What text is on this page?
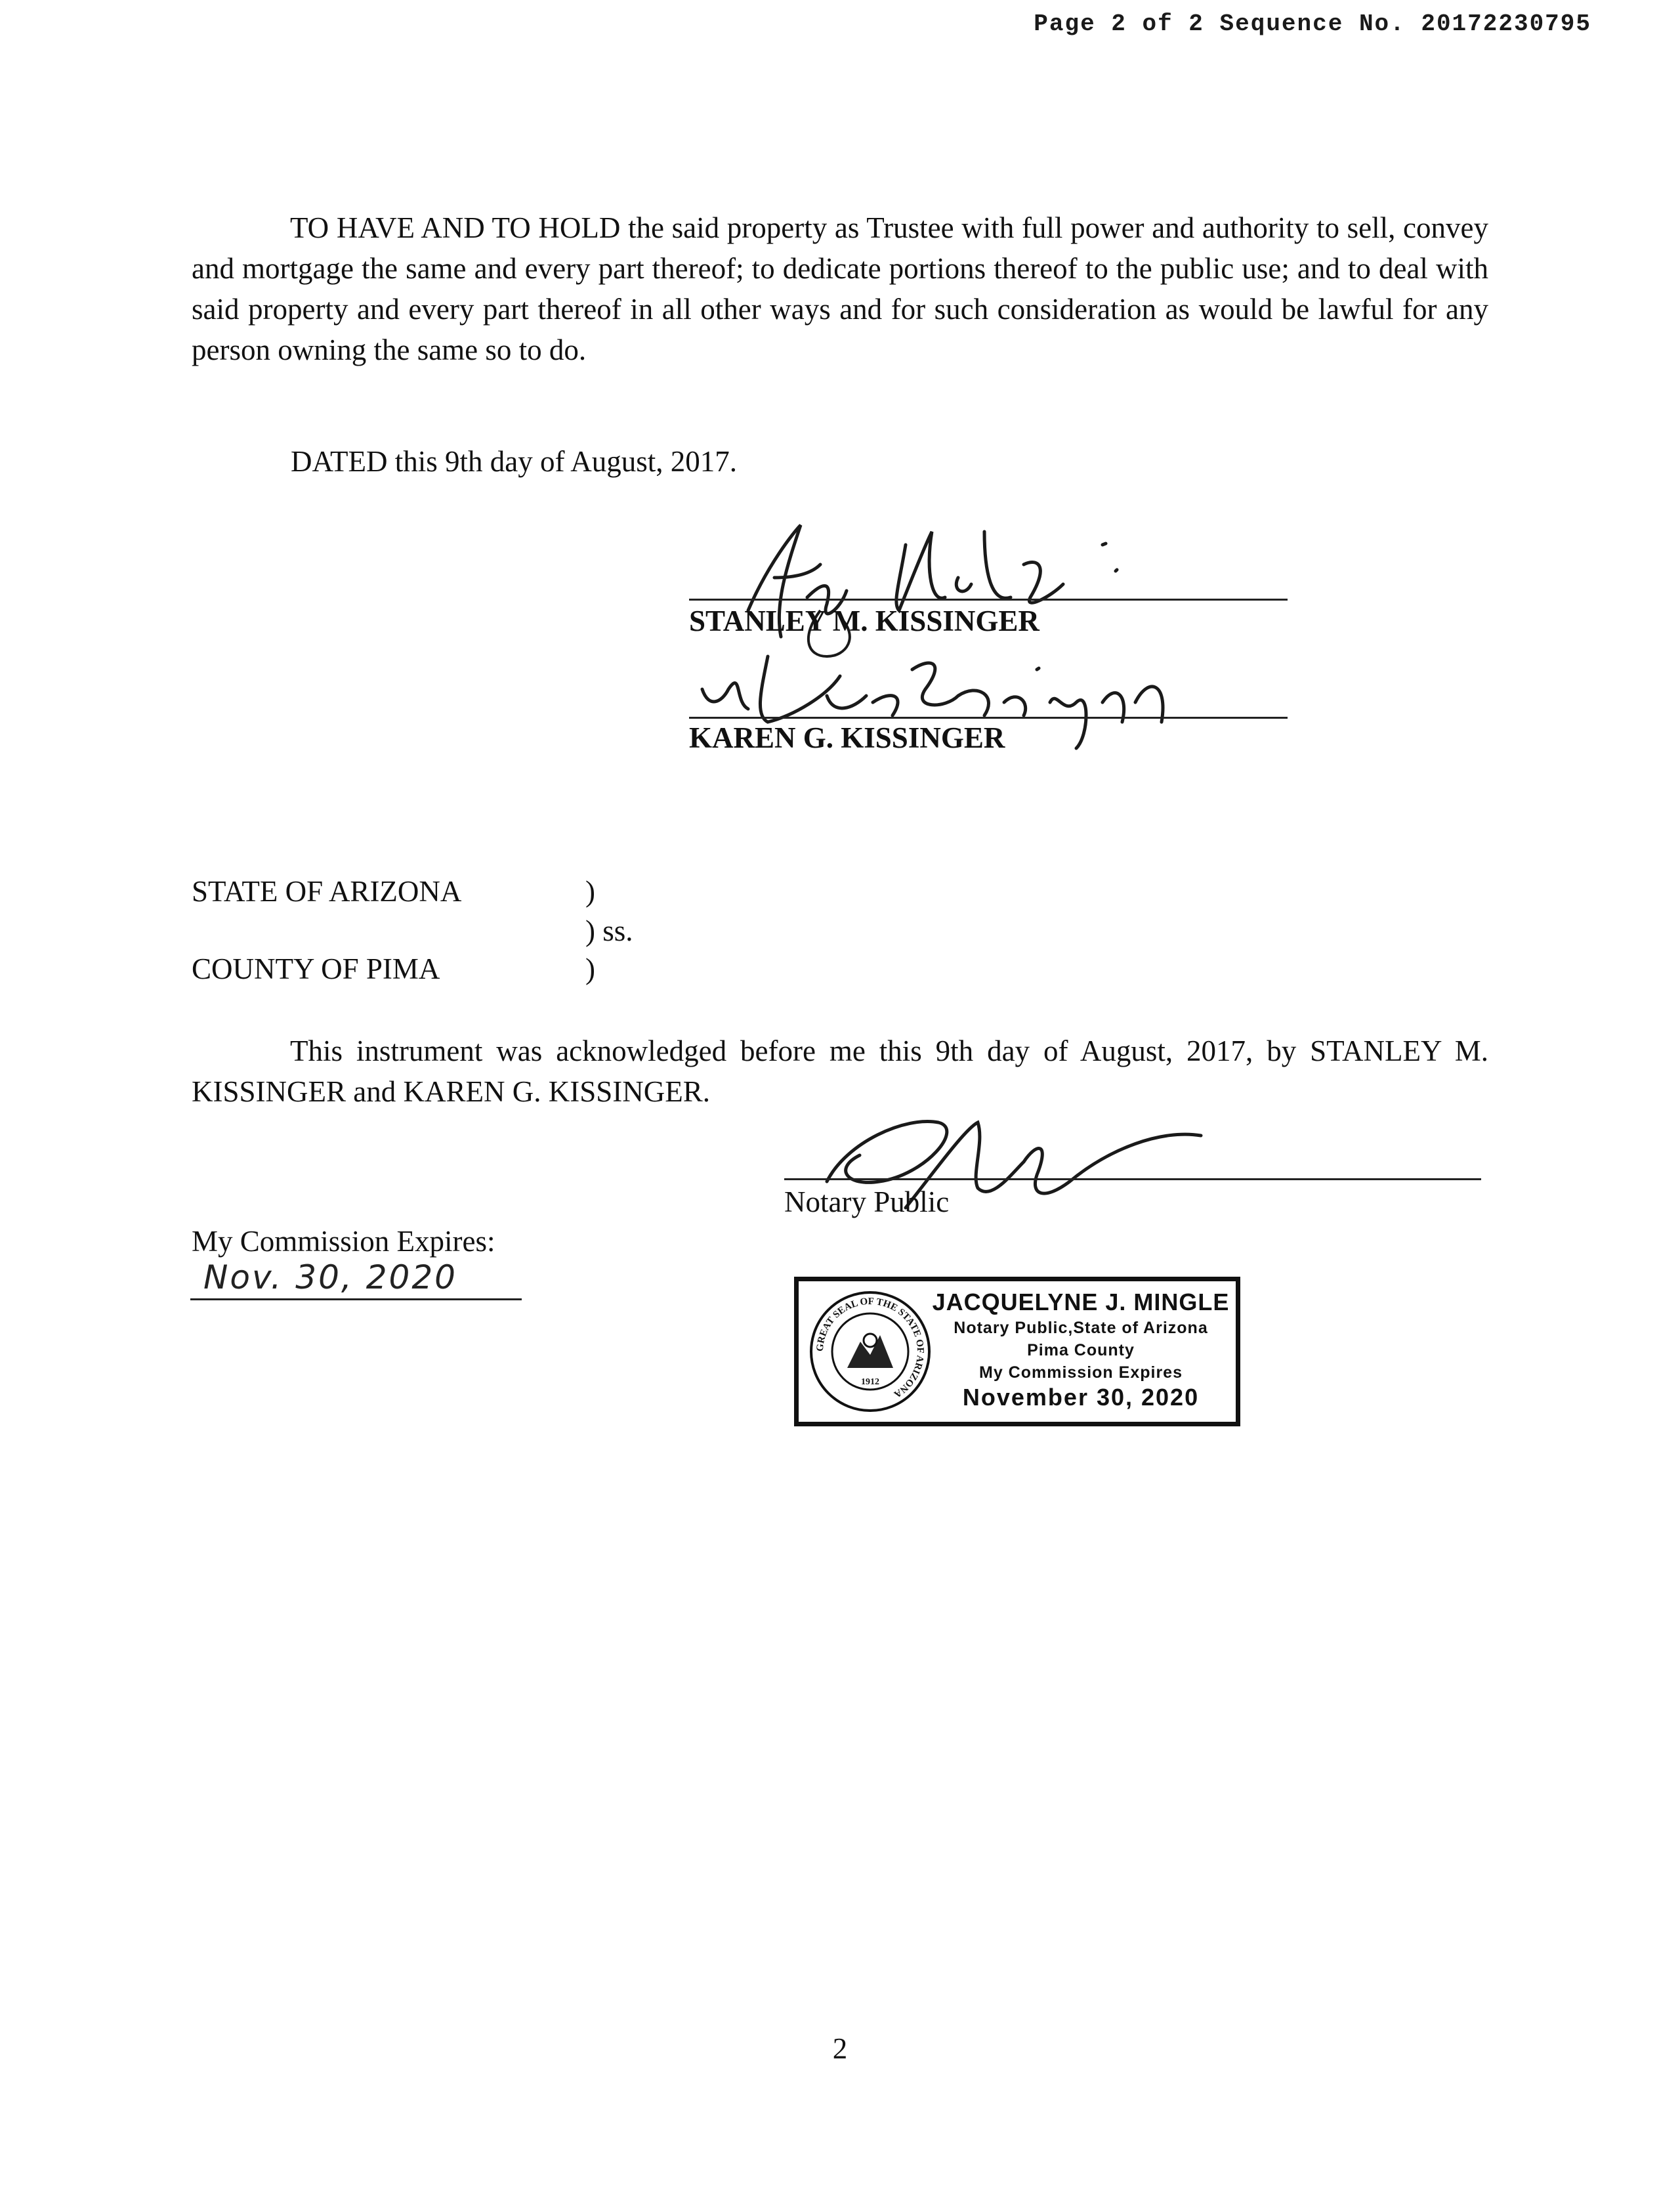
Page 2 of 2 Sequence No. 20172230795
TO HAVE AND TO HOLD the said property as Trustee with full power and authority to sell, convey and mortgage the same and every part thereof; to dedicate portions thereof to the public use; and to deal with said property and every part thereof in all other ways and for such consideration as would be lawful for any person owning the same so to do.
DATED this 9th day of August, 2017.
STANLEY M. KISSINGER
KAREN G. KISSINGER
STATE OF ARIZONA	)
) ss.
COUNTY OF PIMA	)
This instrument was acknowledged before me this 9th day of August, 2017, by STANLEY M. KISSINGER and KAREN G. KISSINGER.
Notary Public
My Commission Expires:
Nov. 30, 2020
GREAT SEAL OF THE STATE OF ARIZONA
1912
JACQUELYNE J. MINGLE
Notary Public,State of Arizona
Pima County
My Commission Expires
November 30, 2020
2
